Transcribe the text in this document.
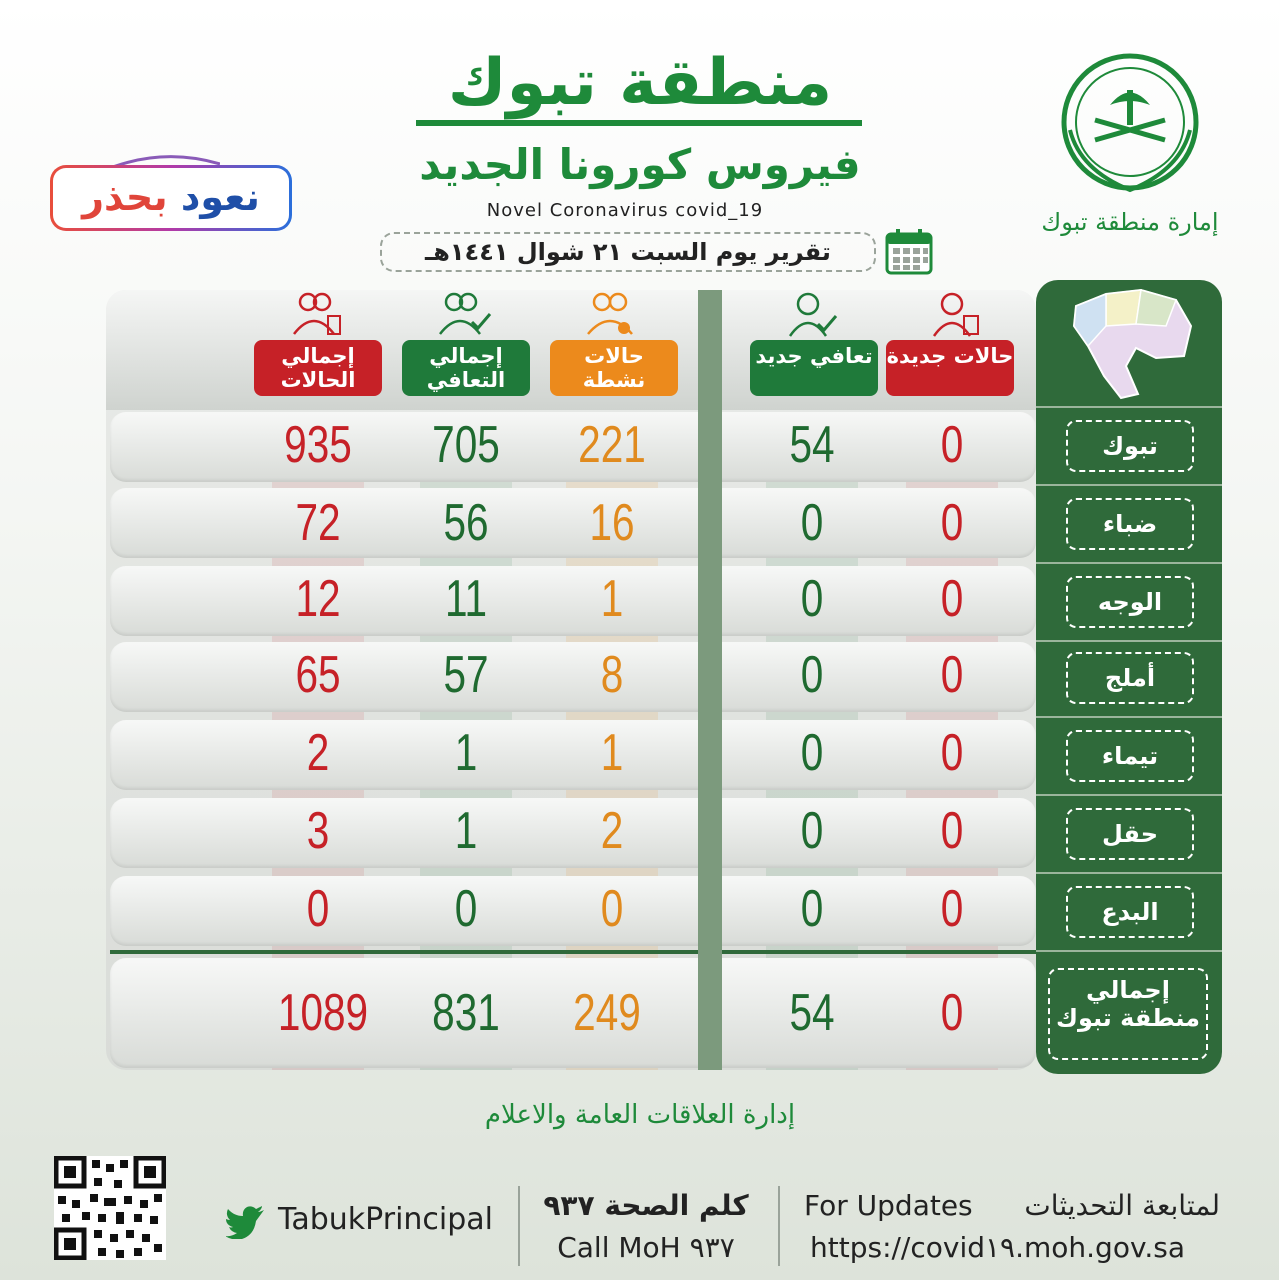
منطقة تبوك
فيروس كورونا الجديد
Novel Coronavirus covid_19
تقرير يوم السبت ٢١ شوال ١٤٤١هـ
إمارة منطقة تبوك
نعود بحذر
حالات جديدة
تعافي جديد
حالات نشطة
إجمالي التعافي
إجمالي الحالات
تبوك
ضباء
الوجه
أملج
تيماء
حقل
البدع
إجمالي منطقة تبوك
0
54
221
705
935
0
0
16
56
72
0
0
1
11
12
0
0
8
57
65
0
0
1
1
2
0
0
2
1
3
0
0
0
0
0
0
54
249
831
1089
إدارة العلاقات العامة والاعلام
TabukPrincipal كلم الصحة ٩٣٧
Call MoH ٩٣٧
For Updates لمتابعة التحديثات
https://covid١٩.moh.gov.sa
